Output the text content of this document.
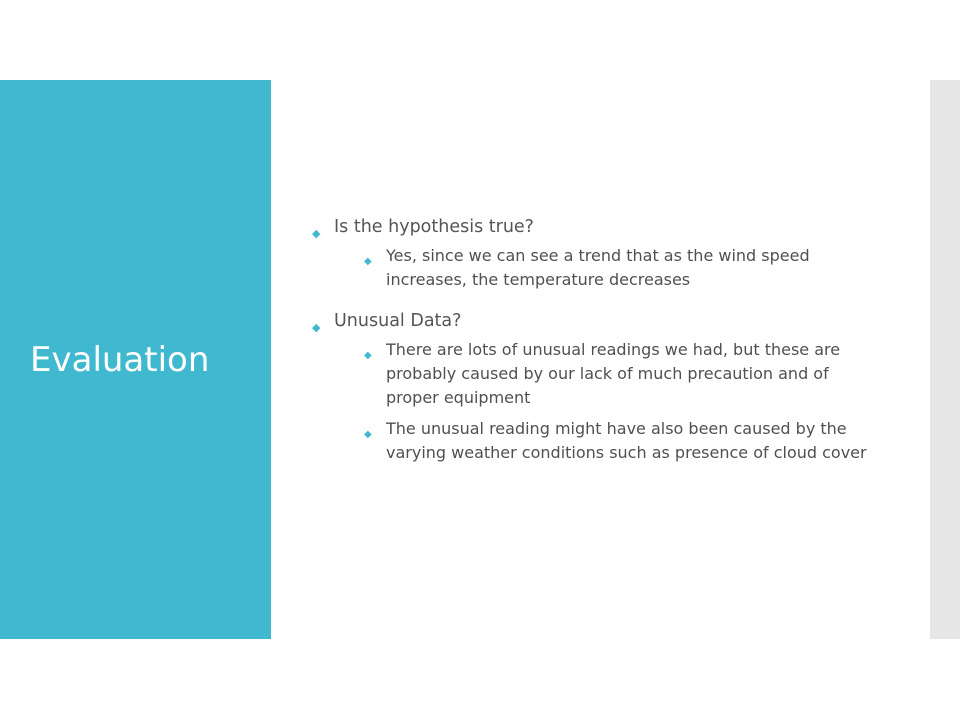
Evaluation
◆ Is the hypothesis true?
◆ Yes, since we can see a trend that as the wind speed increases, the temperature decreases
◆ Unusual Data?
◆ There are lots of unusual readings we had, but these are probably caused by our lack of much precaution and of proper equipment
◆ The unusual reading might have also been caused by the varying weather conditions such as presence of cloud cover
